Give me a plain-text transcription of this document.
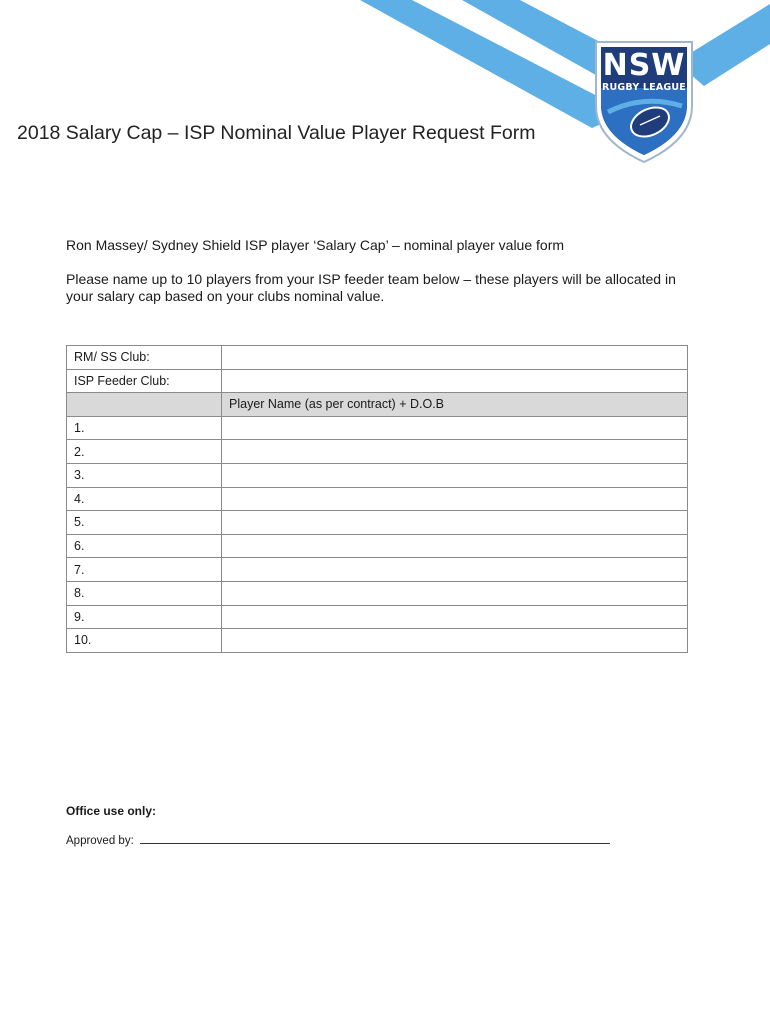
NSW
RUGBY LEAGUE
2018 Salary Cap – ISP Nominal Value Player Request Form

Ron Massey/ Sydney Shield ISP player ‘Salary Cap’ – nominal player value form

Please name up to 10 players from your ISP feeder team below – these players will be allocated in your salary cap based on your clubs nominal value.

RM/ SS Club:	
ISP Feeder Club:	
	Player Name (as per contract) + D.O.B
1.	
2.	
3.	
4.	
5.	
6.	
7.	
8.	
9.	
10.	

Office use only:

Approved by:
